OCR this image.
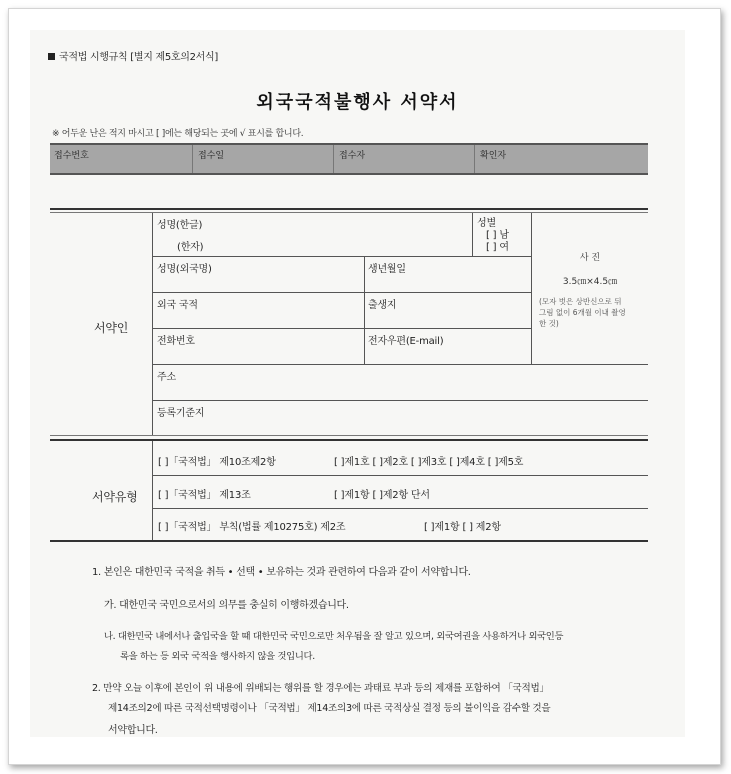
국적법 시행규칙 [별지 제5호의2서식]
외국국적불행사 서약서
※ 어두운 난은 적지 마시고 [ ]에는 해당되는 곳에 √ 표시를 합니다.
접수번호	접수일	접수자	확인자
서약인
성명(한글)
(한자)
성별
[ ] 남
[ ] 여
성명(외국명)	생년월일
외국 국적	출생지
전화번호	전자우편(E-mail)
주소
등록기준지
사 진
3.5㎝×4.5㎝
(모자 벗은 상반신으로 뒤
그림 없이 6개월 이내 촬영
한 것)
서약유형
[ ]「국적법」 제10조제2항	[ ]제1호 [ ]제2호 [ ]제3호 [ ]제4호 [ ]제5호
[ ]「국적법」 제13조	[ ]제1항 [ ]제2항 단서
[ ]「국적법」 부칙(법률 제10275호) 제2조	[ ]제1항 [ ] 제2항
1. 본인은 대한민국 국적을 취득 • 선택 • 보유하는 것과 관련하여 다음과 같이 서약합니다.
가. 대한민국 국민으로서의 의무를 충실히 이행하겠습니다.
나. 대한민국 내에서나 출입국을 할 때 대한민국 국민으로만 처우됨을 잘 알고 있으며, 외국여권을 사용하거나 외국인등
록을 하는 등 외국 국적을 행사하지 않을 것입니다.
2. 만약 오늘 이후에 본인이 위 내용에 위배되는 행위를 할 경우에는 과태료 부과 등의 제재를 포함하여 「국적법」
제14조의2에 따른 국적선택명령이나 「국적법」 제14조의3에 따른 국적상실 결정 등의 불이익을 감수할 것을
서약합니다.
